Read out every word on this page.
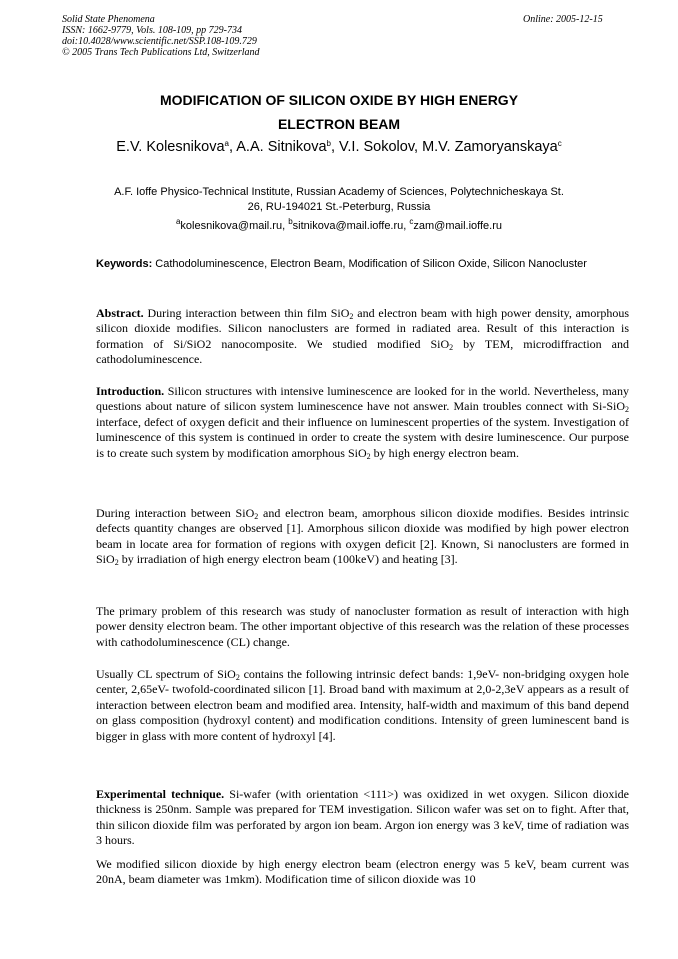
Solid State Phenomena
ISSN: 1662-9779, Vols. 108-109, pp 729-734
doi:10.4028/www.scientific.net/SSP.108-109.729
© 2005 Trans Tech Publications Ltd, Switzerland
Online: 2005-12-15
MODIFICATION OF SILICON OXIDE BY HIGH ENERGY
ELECTRON BEAM
E.V. Kolesnikova$^a$, A.A. Sitnikova$^b$, V.I. Sokolov, M.V. Zamoryanskaya$^c$
A.F. Ioffe Physico-Technical Institute, Russian Academy of Sciences, Polytechnicheskaya St.
26, RU-194021 St.-Peterburg, Russia
$^a$kolesnikova@mail.ru, $^b$sitnikova@mail.ioffe.ru, $^c$zam@mail.ioffe.ru
Keywords: Cathodoluminescence, Electron Beam, Modification of Silicon Oxide, Silicon Nanocluster
Abstract. During interaction between thin film SiO$_2$ and electron beam with high power density, amorphous silicon dioxide modifies. Silicon nanoclusters are formed in radiated area. Result of this interaction is formation of Si/SiO2 nanocomposite. We studied modified SiO$_2$ by TEM, microdiffraction and cathodoluminescence.
Introduction. Silicon structures with intensive luminescence are looked for in the world. Nevertheless, many questions about nature of silicon system luminescence have not answer. Main troubles connect with Si-SiO$_2$ interface, defect of oxygen deficit and their influence on luminescent properties of the system. Investigation of luminescence of this system is continued in order to create the system with desire luminescence. Our purpose is to create such system by modification amorphous SiO$_2$ by high energy electron beam.
During interaction between SiO$_2$ and electron beam, amorphous silicon dioxide modifies. Besides intrinsic defects quantity changes are observed [1]. Amorphous silicon dioxide was modified by high power electron beam in locate area for formation of regions with oxygen deficit [2]. Known, Si nanoclusters are formed in SiO$_2$ by irradiation of high energy electron beam (100keV) and heating [3].
The primary problem of this research was study of nanocluster formation as result of interaction with high power density electron beam. The other important objective of this research was the relation of these processes with cathodoluminescence (CL) change.
Usually CL spectrum of SiO$_2$ contains the following intrinsic defect bands: 1,9eV- non-bridging oxygen hole center, 2,65eV- twofold-coordinated silicon [1]. Broad band with maximum at 2,0-2,3eV appears as a result of interaction between electron beam and modified area. Intensity, half-width and maximum of this band depend on glass composition (hydroxyl content) and modification conditions. Intensity of green luminescent band is bigger in glass with more content of hydroxyl [4].
Experimental technique. Si-wafer (with orientation <111>) was oxidized in wet oxygen. Silicon dioxide thickness is 250nm. Sample was prepared for TEM investigation. Silicon wafer was set on to fight. After that, thin silicon dioxide film was perforated by argon ion beam. Argon ion energy was 3 keV, time of radiation was 3 hours.
We modified silicon dioxide by high energy electron beam (electron energy was 5 keV, beam current was 20nA, beam diameter was 1mkm). Modification time of silicon dioxide was 10
